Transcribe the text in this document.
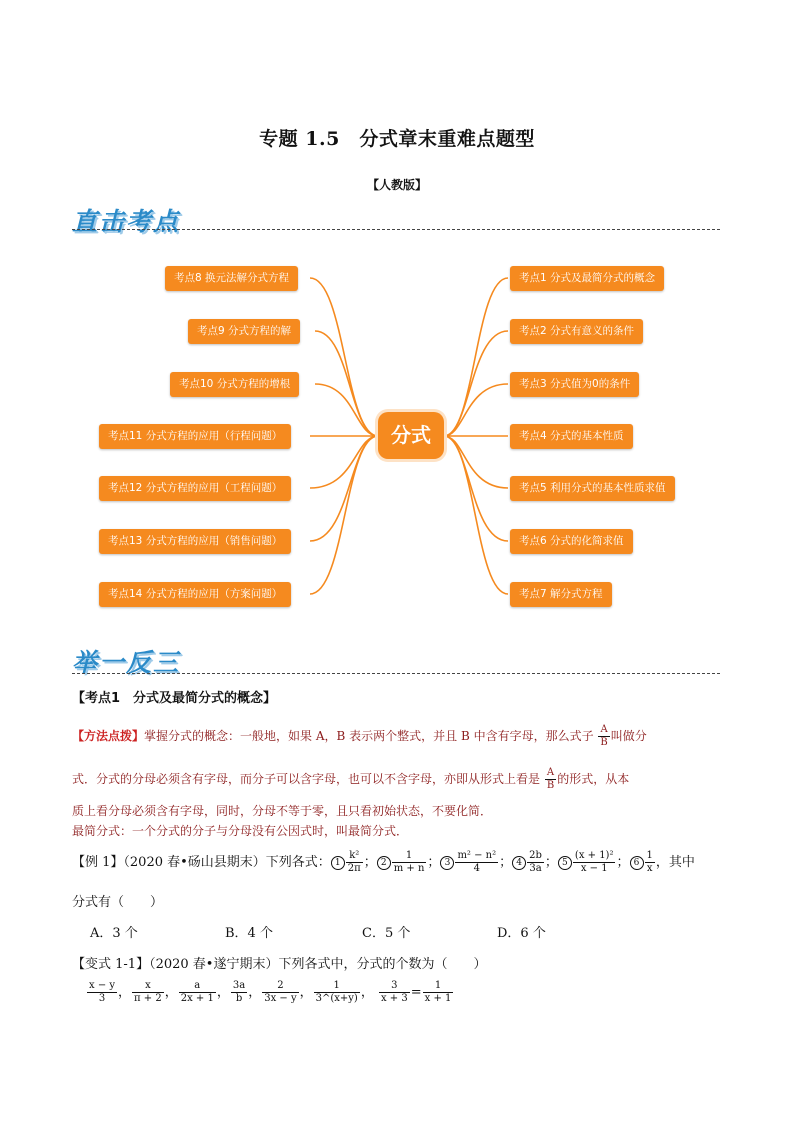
专题 1.5　分式章末重难点题型
【人教版】
直击考点
考点8 换元法解分式方程
考点9 分式方程的解
考点10 分式方程的增根
考点11 分式方程的应用（行程问题）
考点12 分式方程的应用（工程问题）
考点13 分式方程的应用（销售问题）
考点14 分式方程的应用（方案问题）
分式
考点1 分式及最简分式的概念
考点2 分式有意义的条件
考点3 分式值为0的条件
考点4 分式的基本性质
考点5 利用分式的基本性质求值
考点6 分式的化简求值
考点7 解分式方程
举一反三
【考点1　分式及最简分式的概念】
【方法点拨】掌握分式的概念：一般地，如果 A，B 表示两个整式，并且 B 中含有字母，那么式子 $\frac{A}{B}$ 叫做分
式．分式的分母必须含有字母，而分子可以含字母，也可以不含字母，亦即从形式上看是 $\frac{A}{B}$ 的形式，从本
质上看分母必须含有字母，同时，分母不等于零，且只看初始状态，不要化简．
最简分式：一个分式的分子与分母没有公因式时，叫最简分式．
【例 1】（2020 春•砀山县期末）下列各式： $1 \frac{\text{k²}}{2\pi}$ ； $2 \frac{1}{m + n}$ ； $3 \frac{\text{m² − n²}}{4}$ ； $4 \frac{2b}{3a}$ ； $5 \frac{\text{(x + 1)²}}{x - 1}$ ； $6 \frac{1}{x}$ ，其中
分式有（　　）
A．3 个	B．4 个	C．5 个	D．6 个
【变式 1-1】（2020 春•遂宁期末）下列各式中，分式的个数为（　　）
$\frac{x - y}{3}$ ， $\frac{x}{\pi + 2}$ ， $\frac{a}{2x + 1}$ ， $\frac{3a}{b}$ ， $\frac{2}{3x - y}$ ， $\frac{1}{3\^{}(x+y)}$ ， $\frac{3}{x + 3} = \frac{1}{x + 1}$
